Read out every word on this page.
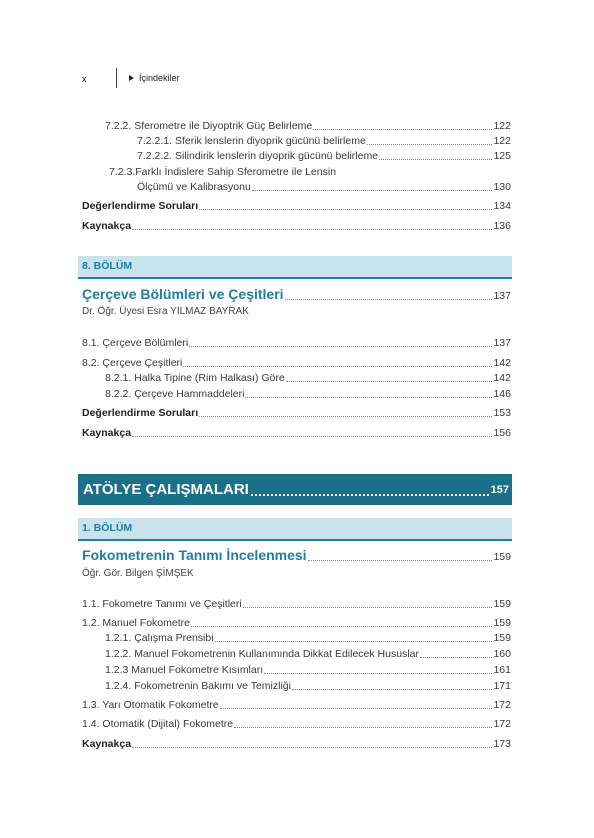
x	İçindekiler
7.2.2. Sferometre ile Diyoptrik Güç Belirleme	122
7.2.2.1. Sferik lenslerin diyoprik gücünü belirleme	122
7.2.2.2. Silindirik lenslerin diyoprik gücünü belirleme	125
7.2.3.Farklı İndislere Sahip Sferometre ile Lensin
Ölçümü ve Kalibrasyonu	130
Değerlendirme Soruları	134
Kaynakça	136
8. BÖLÜM
Çerçeve Bölümleri ve Çeşitleri	137
Dr. Öğr. Üyesi Esra YILMAZ BAYRAK
8.1. Çerçeve Bölümleri	137
8.2. Çerçeve Çeşitleri	142
8.2.1. Halka Tipine (Rim Halkası) Göre	142
8.2.2. Çerçeve Hammaddeleri	146
Değerlendirme Soruları	153
Kaynakça	156
ATÖLYE ÇALIŞMALARI	157
1. BÖLÜM
Fokometrenin Tanımı İncelenmesi	159
Öğr. Gör. Bilgen ŞİMŞEK
1.1. Fokometre Tanımı ve Çeşitleri	159
1.2. Manuel Fokometre	159
1.2.1. Çalışma Prensibi	159
1.2.2. Manuel Fokometrenin Kullanımında Dikkat Edilecek Hususlar	160
1.2.3 Manuel Fokometre Kısımları	161
1.2.4. Fokometrenin Bakımı ve Temizliği	171
1.3. Yarı Otomatik Fokometre	172
1.4. Otomatik (Dijital) Fokometre	172
Kaynakça	173
